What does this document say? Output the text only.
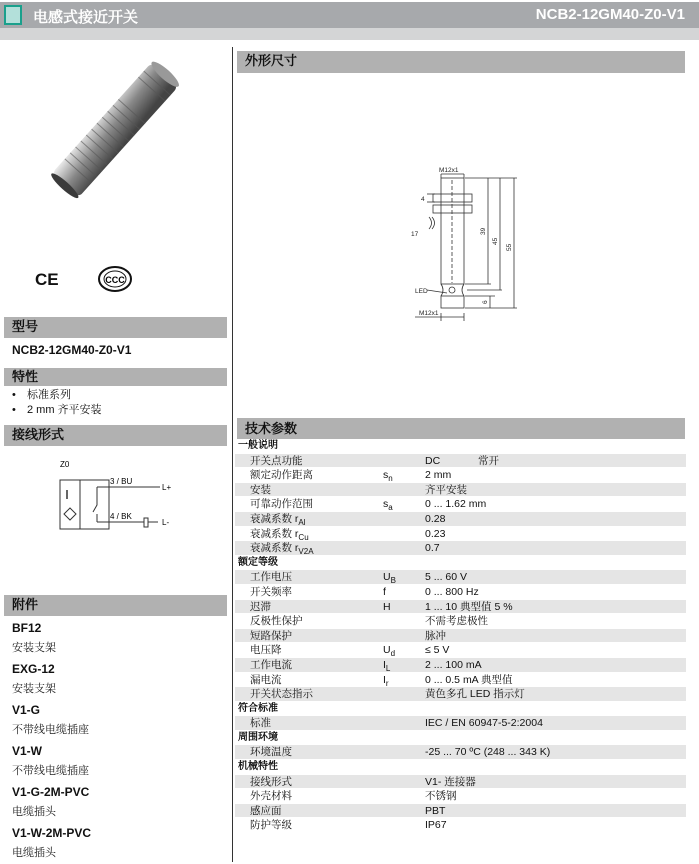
电感式接近开关	NCB2-12GM40-Z0-V1
CE	CCC
型号
NCB2-12GM40-Z0-V1
特性
• 标准系列
• 2 mm 齐平安装
接线形式
Z0
3 / BU
4 / BK
L+
L-
附件
BF12
安装支架
EXG-12
安装支架
V1-G
不带线电缆插座
V1-W
不带线电缆插座
V1-G-2M-PVC
电缆插头
V1-W-2M-PVC
电缆插头
外形尺寸
M12x1
M12x1
4
17
LED
39
45
55
6
技术参数
一般说明
开关点功能	DC	常开
额定动作距离	$s_n$	2 mm
安装	齐平安装
可靠动作范围	$s_a$	0 ... 1.62 mm
衰减系数 $r_{Al}$	0.28
衰减系数 $r_{Cu}$	0.23
衰减系数 $r_{V2A}$	0.7
额定等级
工作电压	$U_B$	5 ... 60 V
开关频率	f	0 ... 800 Hz
迟滞	H	1 ... 10 典型值 5 %
反极性保护	不需考虑极性
短路保护	脉冲
电压降	$U_d$	≤ 5 V
工作电流	$I_L$	2 ... 100 mA
漏电流	$I_r$	0 ... 0.5 mA 典型值
开关状态指示	黄色多孔 LED 指示灯
符合标准
标准	IEC / EN 60947-5-2:2004
周围环境
环境温度	-25 ... 70 ºC (248 ... 343 K)
机械特性
接线形式	V1- 连接器
外壳材料	不锈钢
感应面	PBT
防护等级	IP67
